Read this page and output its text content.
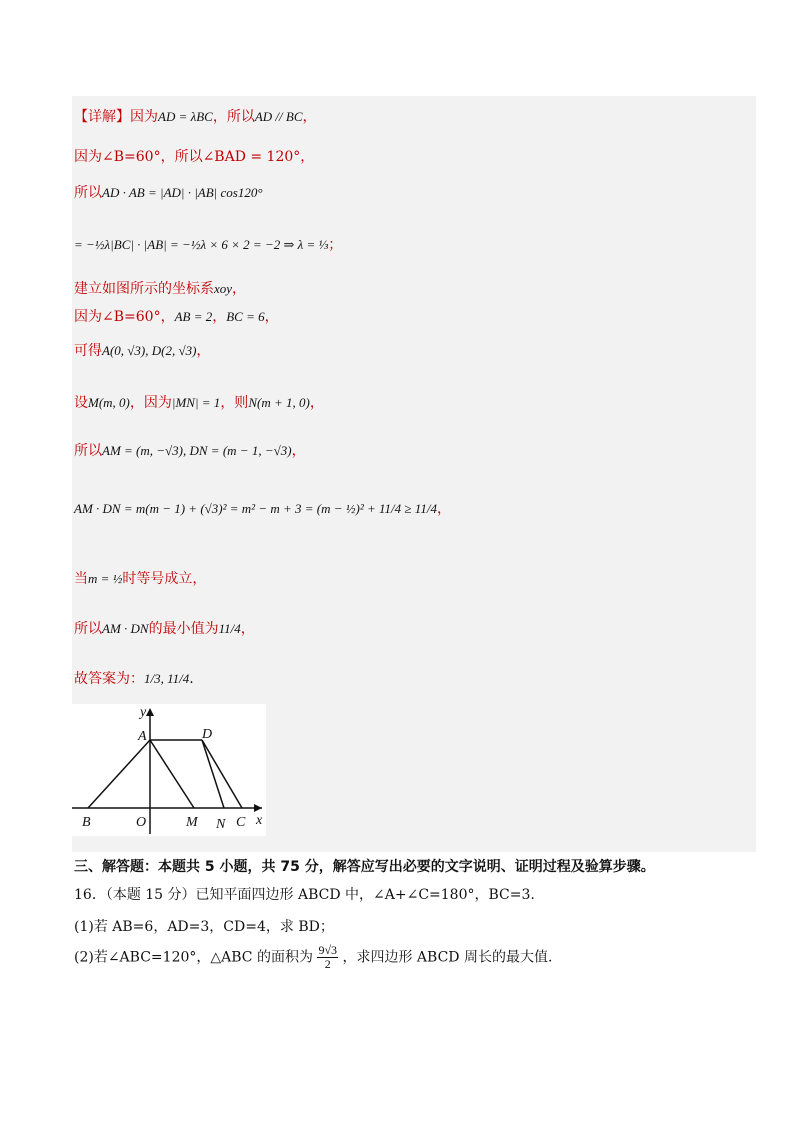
【详解】因为AD = λBC，所以AD // BC，
因为∠B=60°，所以∠BAD = 120°，
所以AD · AB = |AD| · |AB| cos120°
= −½λ|BC| · |AB| = −½λ × 6 × 2 = −2 ⇒ λ = ⅓；
建立如图所示的坐标系xoy，
因为∠B=60°，AB = 2，BC = 6，
可得A(0, √3), D(2, √3)，
设M(m, 0)，因为|MN| = 1，则N(m + 1, 0)，
所以AM = (m, −√3), DN = (m − 1, −√3)，
AM · DN = m(m − 1) + (√3)² = m² − m + 3 = (m − ½)² + 11/4 ≥ 11/4，
当m = ½时等号成立，
所以AM · DN的最小值为11/4，
故答案为：1/3, 11/4.
y
x
A	D
B	O	M N C
三、解答题：本题共 5 小题，共 75 分，解答应写出必要的文字说明、证明过程及验算步骤。
16．（本题 15 分）已知平面四边形 ABCD 中，∠A+∠C=180°，BC=3.
(1)若 AB=6，AD=3，CD=4，求 BD；
(2)若∠ABC=120°，△ABC 的面积为 $\frac{9√3}{2}$ ，求四边形 ABCD 周长的最大值.
